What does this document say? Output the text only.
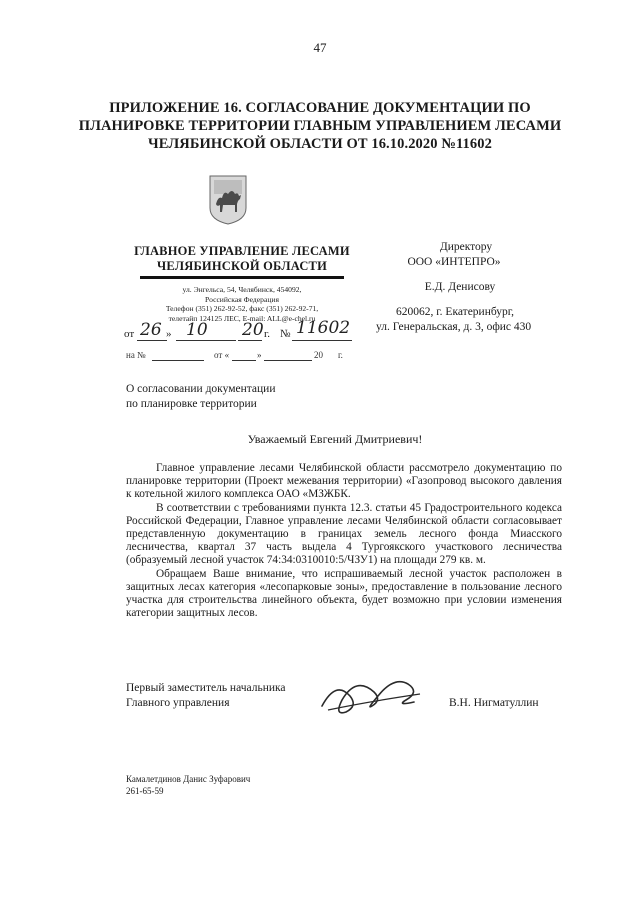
47
ПРИЛОЖЕНИЕ 16. СОГЛАСОВАНИЕ ДОКУМЕНТАЦИИ ПО ПЛАНИРОВКЕ ТЕРРИТОРИИ ГЛАВНЫМ УПРАВЛЕНИЕМ ЛЕСАМИ ЧЕЛЯБИНСКОЙ ОБЛАСТИ ОТ 16.10.2020 №11602
ГЛАВНОЕ УПРАВЛЕНИЕ ЛЕСАМИ
ЧЕЛЯБИНСКОЙ ОБЛАСТИ
ул. Энгельса, 54, Челябинск, 454092,
Российская Федерация
Телефон (351) 262-92-52, факс (351) 262-92-71,
телетайп 124125 ЛЕС, E-mail: ALL@e-chel.ru
Директору
ООО «ИНТЕПРО»
Е.Д. Денисову
620062, г. Екатеринбург,
ул. Генеральская, д. 3, офис 430
от 26 » 10 20 г. № 11602
на №	от «	»	20 г.
О согласовании документации
по планировке территории
Уважаемый Евгений Дмитриевич!

Главное управление лесами Челябинской области рассмотрело документацию по планировке территории (Проект межевания территории) «Газопровод высокого давления к котельной жилого комплекса ОАО «МЗЖБК.

В соответствии с требованиями пункта 12.3. статьи 45 Градостроительного кодекса Российской Федерации, Главное управление лесами Челябинской области согласовывает представленную документацию в границах земель лесного фонда Миасского лесничества, квартал 37 часть выдела 4 Тургоякского участкового лесничества (образуемый лесной участок 74:34:0310010:5/ЧЗУ1) на площади 279 кв. м.

Обращаем Ваше внимание, что испрашиваемый лесной участок расположен в защитных лесах категория «лесопарковые зоны», предоставление в пользование лесного участка для строительства линейного объекта, будет возможно при условии изменения категории защитных лесов.

Первый заместитель начальника
Главного управления	В.Н. Нигматуллин
Камалетдинов Данис Зуфарович
261-65-59
